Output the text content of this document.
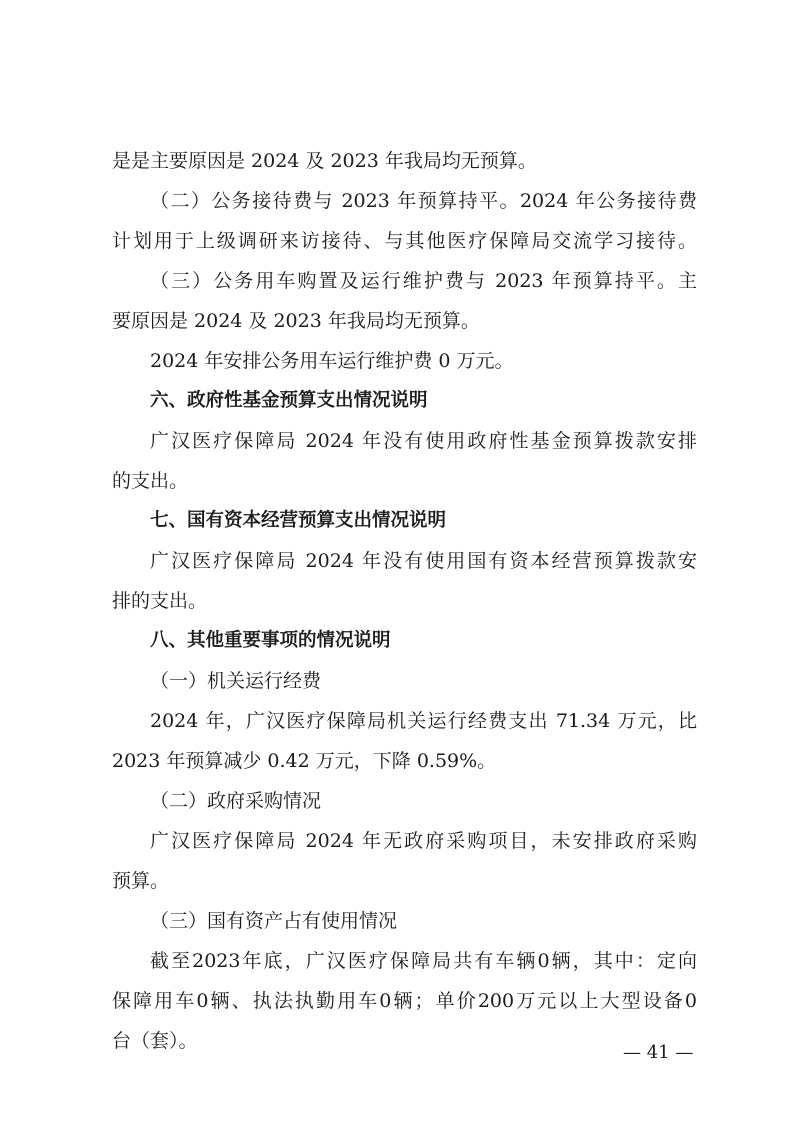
是是主要原因是 2024 及 2023 年我局均无预算。
（二）公务接待费与 2023 年预算持平。2024 年公务接待费
计划用于上级调研来访接待、与其他医疗保障局交流学习接待。
（三）公务用车购置及运行维护费与 2023 年预算持平。主
要原因是 2024 及 2023 年我局均无预算。
2024 年安排公务用车运行维护费 0 万元。
六、政府性基金预算支出情况说明
广汉医疗保障局 2024 年没有使用政府性基金预算拨款安排
的支出。
七、国有资本经营预算支出情况说明
广汉医疗保障局 2024 年没有使用国有资本经营预算拨款安
排的支出。
八、其他重要事项的情况说明
（一）机关运行经费
2024 年，广汉医疗保障局机关运行经费支出 71.34 万元，比
2023 年预算减少 0.42 万元，下降 0.59%。
（二）政府采购情况
广汉医疗保障局 2024 年无政府采购项目，未安排政府采购
预算。
（三）国有资产占有使用情况
截至2023年底，广汉医疗保障局共有车辆0辆，其中：定向
保障用车0辆、执法执勤用车0辆；单价200万元以上大型设备0
台（套）。
— 41 —
